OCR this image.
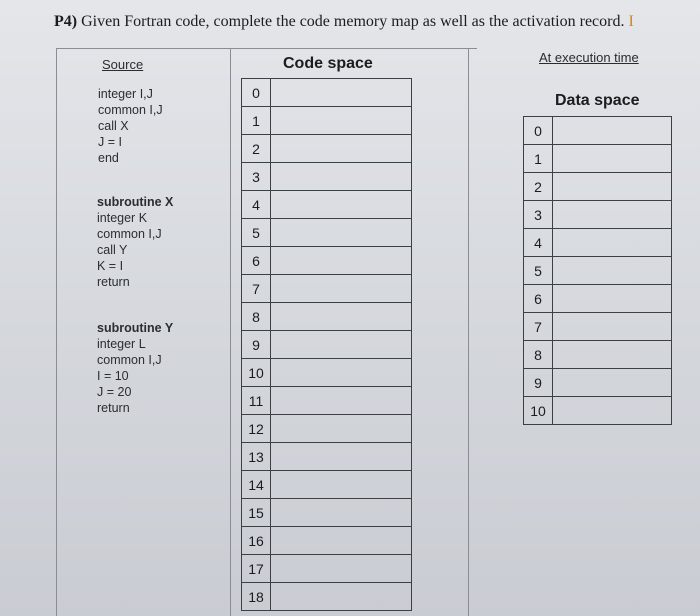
P4) Given Fortran code, complete the code memory map as well as the activation record. I
Source	Code space	At execution time
Data space
integer I,J
common I,J
call X
J = I
end
subroutine X
integer K
common I,J
call Y
K = I
return
subroutine Y
integer L
common I,J
I = 10
J = 20
return
0	
1	
2	
3	
4	
5	
6	
7	
8	
9	
10	
11	
12	
13	
14	
15	
16	
17	
18	
0	
1	
2	
3	
4	
5	
6	
7	
8	
9	
10	
